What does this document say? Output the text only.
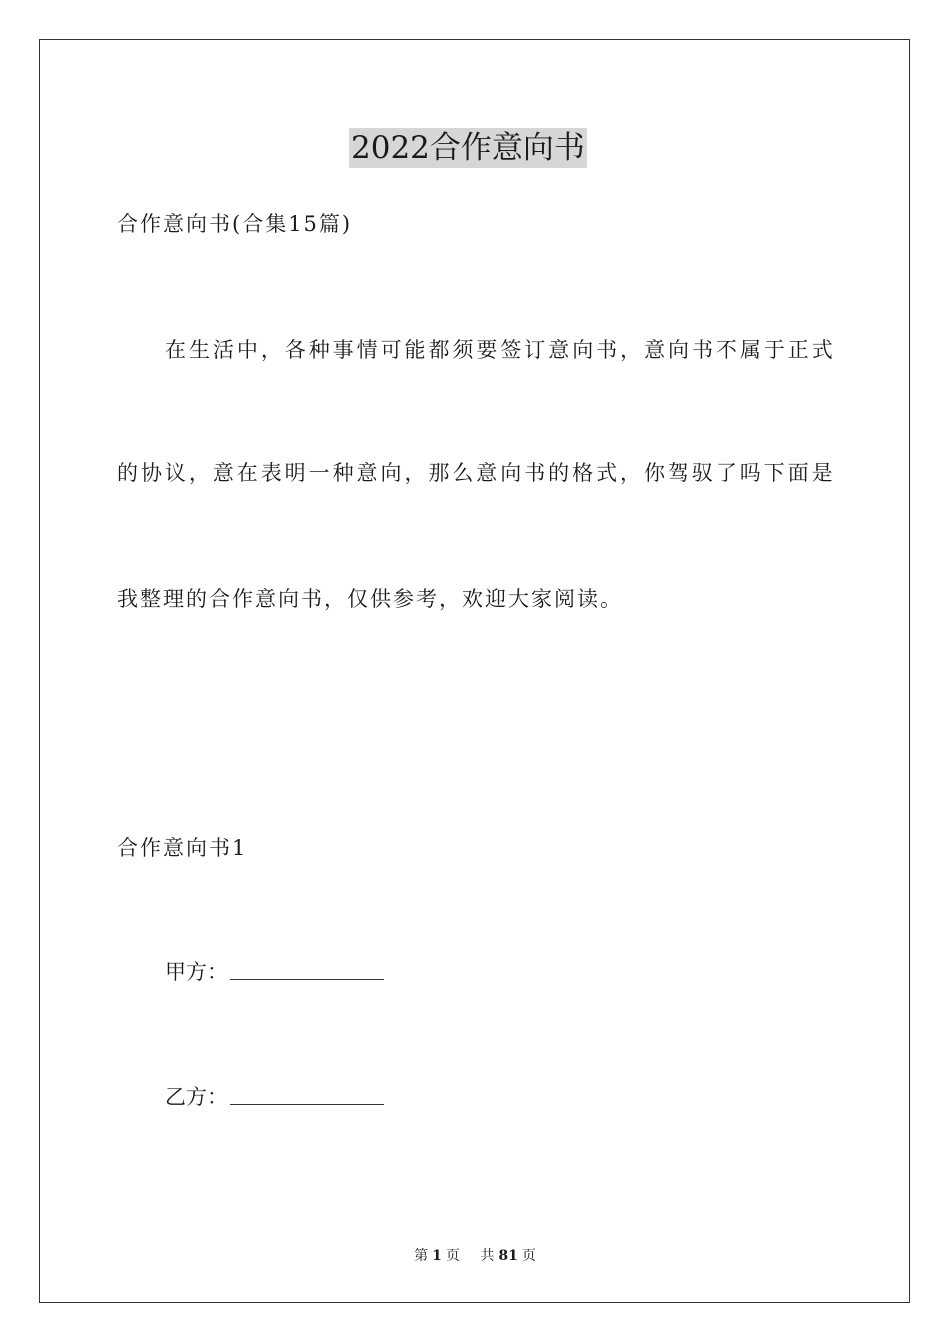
2022合作意向书
合作意向书(合集15篇)
在 生 活 中 ， 各 种 事 情 可 能 都 须 要 签 订 意 向 书 ， 意 向 书 不 属 于 正 式
的 协 议 ， 意 在 表 明 一 种 意 向 ， 那 么 意 向 书 的 格 式 ， 你 驾 驭 了 吗 下 面 是
我整理的合作意向书，仅供参考，欢迎大家阅读。
合作意向书1
甲方：
乙方：
第 1 页 共 81 页
